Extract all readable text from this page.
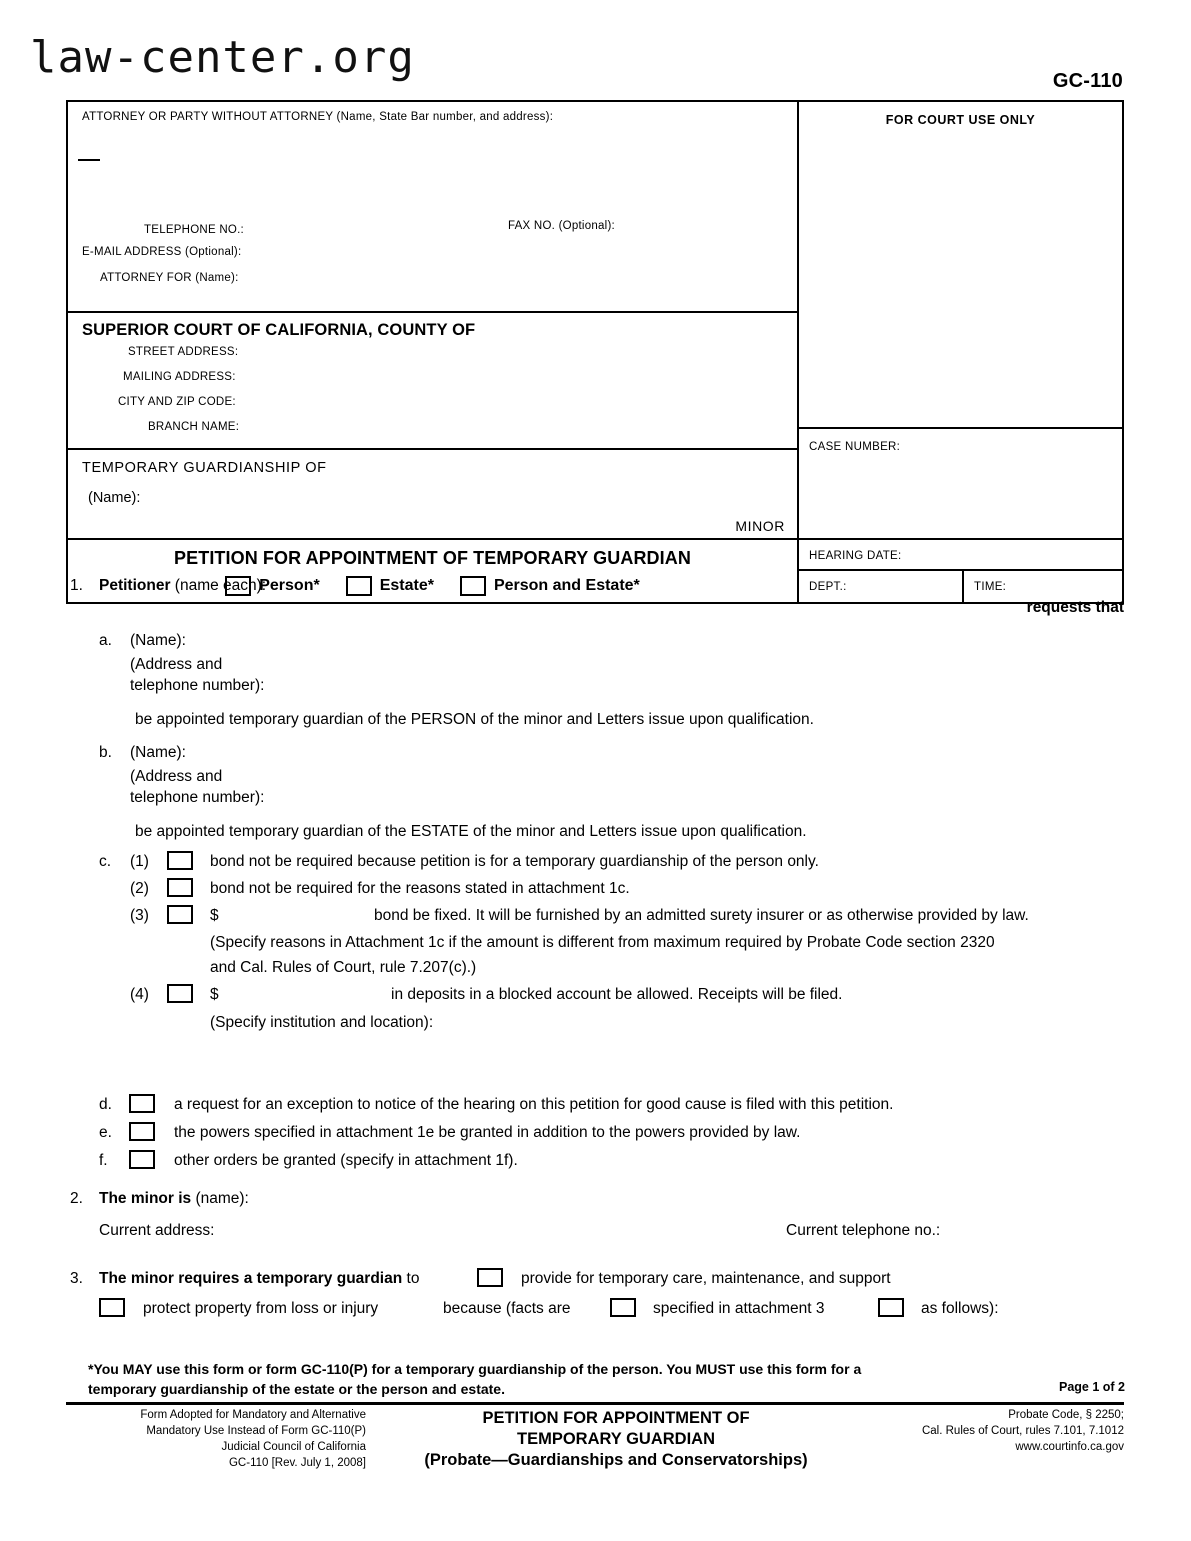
law-center.org	GC-110
ATTORNEY OR PARTY WITHOUT ATTORNEY (Name, State Bar number, and address):
TELEPHONE NO.:	FAX NO. (Optional):
E-MAIL ADDRESS (Optional):
ATTORNEY FOR (Name):
SUPERIOR COURT OF CALIFORNIA, COUNTY OF
STREET ADDRESS:
MAILING ADDRESS:
CITY AND ZIP CODE:
BRANCH NAME:
TEMPORARY GUARDIANSHIP OF
(Name):
MINOR
FOR COURT USE ONLY
CASE NUMBER:
PETITION FOR APPOINTMENT OF TEMPORARY GUARDIAN
Person*	Estate*	Person and Estate*
HEARING DATE:
DEPT.:	TIME:
1. Petitioner (name each):
requests that
a. (Name):
(Address and
telephone number):
be appointed temporary guardian of the PERSON of the minor and Letters issue upon qualification.
b. (Name):
(Address and
telephone number):
be appointed temporary guardian of the ESTATE of the minor and Letters issue upon qualification.
c. (1)	bond not be required because petition is for a temporary guardianship of the person only.
(2)	bond not be required for the reasons stated in attachment 1c.
(3)	$	bond be fixed. It will be furnished by an admitted surety insurer or as otherwise provided by law.
(Specify reasons in Attachment 1c if the amount is different from maximum required by Probate Code section 2320
and Cal. Rules of Court, rule 7.207(c).)
(4)	$	in deposits in a blocked account be allowed. Receipts will be filed.
(Specify institution and location):
d.	a request for an exception to notice of the hearing on this petition for good cause is filed with this petition.
e.	the powers specified in attachment 1e be granted in addition to the powers provided by law.
f.	other orders be granted (specify in attachment 1f).
2. The minor is (name):
Current address:	Current telephone no.:
3. The minor requires a temporary guardian to	provide for temporary care, maintenance, and support
protect property from loss or injury	because (facts are	specified in attachment 3	as follows):
*You MAY use this form or form GC-110(P) for a temporary guardianship of the person. You MUST use this form for a
temporary guardianship of the estate or the person and estate.	Page 1 of 2
Form Adopted for Mandatory and Alternative
Mandatory Use Instead of Form GC-110(P)
Judicial Council of California
GC-110 [Rev. July 1, 2008]
PETITION FOR APPOINTMENT OF
TEMPORARY GUARDIAN
(Probate—Guardianships and Conservatorships)
Probate Code, § 2250;
Cal. Rules of Court, rules 7.101, 7.1012
www.courtinfo.ca.gov
